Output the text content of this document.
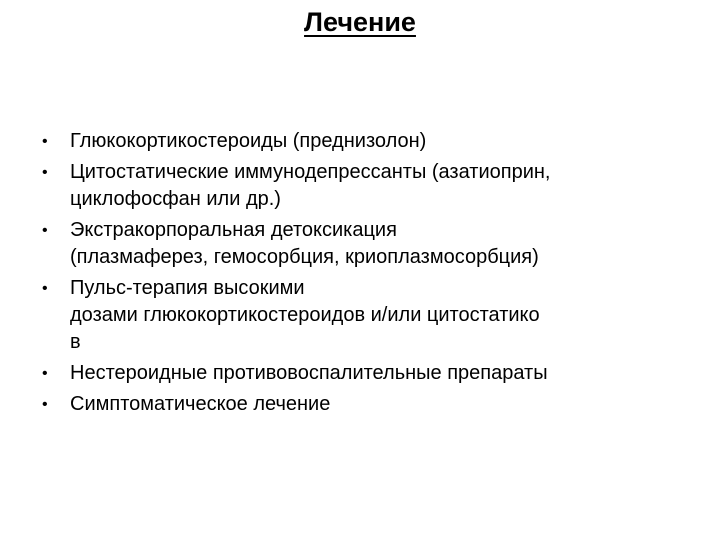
Лечение
•	Глюкокортикостероиды (преднизолон)
•	Цитостатические иммунодепрессанты (азатиоприн,
циклофосфан или др.)
•	Экстракорпоральная детоксикация
(плазмаферез, гемосорбция, криоплазмосорбция)
•	Пульс-терапия высокими
дозами глюкокортикостероидов и/или цитостатико
в
•	Нестероидные противовоспалительные препараты
•	Симптоматическое лечение
